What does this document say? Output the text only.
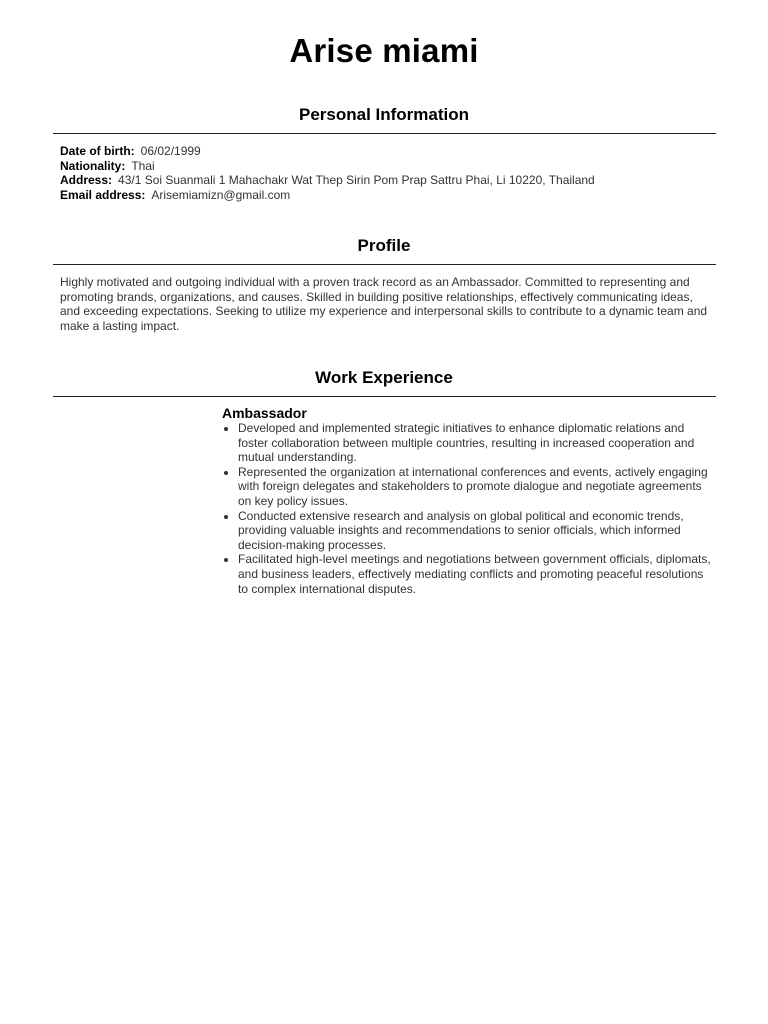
Arise miami
Personal Information
Date of birth: 06/02/1999
Nationality: Thai
Address: 43/1 Soi Suanmali 1 Mahachakr Wat Thep Sirin Pom Prap Sattru Phai, Li 10220, Thailand
Email address: Arisemiamizn@gmail.com
Profile
Highly motivated and outgoing individual with a proven track record as an Ambassador. Committed to representing and promoting brands, organizations, and causes. Skilled in building positive relationships, effectively communicating ideas, and exceeding expectations. Seeking to utilize my experience and interpersonal skills to contribute to a dynamic team and make a lasting impact.
Work Experience
Ambassador
• Developed and implemented strategic initiatives to enhance diplomatic relations and foster collaboration between multiple countries, resulting in increased cooperation and mutual understanding.
• Represented the organization at international conferences and events, actively engaging with foreign delegates and stakeholders to promote dialogue and negotiate agreements on key policy issues.
• Conducted extensive research and analysis on global political and economic trends, providing valuable insights and recommendations to senior officials, which informed decision-making processes.
• Facilitated high-level meetings and negotiations between government officials, diplomats, and business leaders, effectively mediating conflicts and promoting peaceful resolutions to complex international disputes.
